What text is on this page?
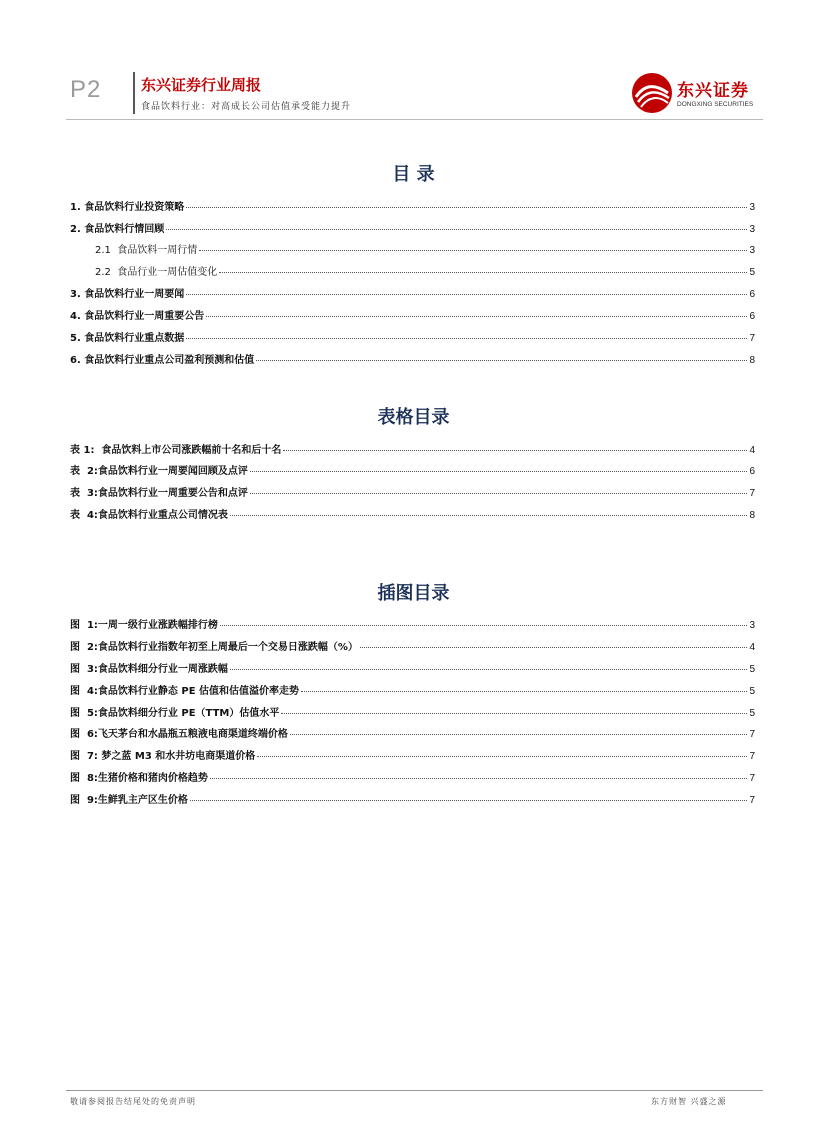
P2	东兴证券行业周报
食品饮料行业：对高成长公司估值承受能力提升
东兴证券
DONGXING SECURITIES
目 录
1. 食品饮料行业投资策略	3
2. 食品饮料行情回顾	3
2.1  食品饮料一周行情	3
2.2  食品行业一周估值变化	5
3. 食品饮料行业一周要闻	6
4. 食品饮料行业一周重要公告	6
5. 食品饮料行业重点数据	7
6. 食品饮料行业重点公司盈利预测和估值	8
表格目录
表 1:  食品饮料上市公司涨跌幅前十名和后十名	4
表  2:食品饮料行业一周要闻回顾及点评	6
表  3:食品饮料行业一周重要公告和点评	7
表  4:食品饮料行业重点公司情况表	8
插图目录
图  1:一周一级行业涨跌幅排行榜	3
图  2:食品饮料行业指数年初至上周最后一个交易日涨跌幅（%）	4
图  3:食品饮料细分行业一周涨跌幅	5
图  4:食品饮料行业静态 PE 估值和估值溢价率走势	5
图  5:食品饮料细分行业 PE（TTM）估值水平	5
图  6:飞天茅台和水晶瓶五粮液电商渠道终端价格	7
图  7: 梦之蓝 M3 和水井坊电商渠道价格	7
图  8:生猪价格和猪肉价格趋势	7
图  9:生鲜乳主产区生价格	7
敬请参阅报告结尾处的免责声明	东方财智 兴盛之源
